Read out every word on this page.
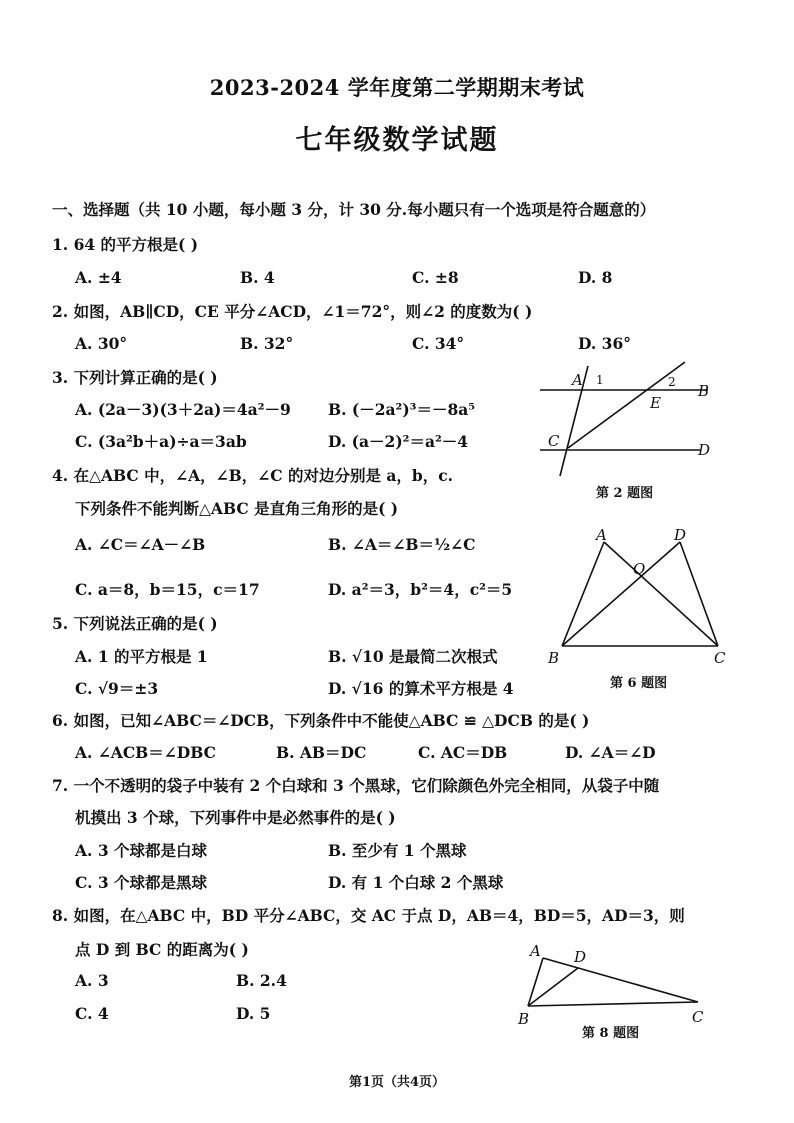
2023-2024 学年度第二学期期末考试
七年级数学试题
一、选择题（共 10 小题，每小题 3 分，计 30 分.每小题只有一个选项是符合题意的）
1. 64 的平方根是( )
A. ±4	B. 4	C. ±8	D. 8
2. 如图，AB∥CD，CE 平分∠ACD，∠1＝72°，则∠2 的度数为( )
A. 30°	B. 32°	C. 34°	D. 36°
3. 下列计算正确的是( )
A. (2a－3)(3＋2a)＝4a²－9 B. (－2a²)³＝－8a⁵
C. (3a²b＋a)÷a＝3ab	D. (a－2)²＝a²－4
A 1	2 B
E
C	D
第 2 题图
4. 在△ABC 中，∠A，∠B，∠C 的对边分别是 a，b，c.
下列条件不能判断△ABC 是直角三角形的是( )
A. ∠C＝∠A－∠B	B. ∠A＝∠B＝½∠C
C. a＝8，b＝15，c＝17	D. a²＝3，b²＝4，c²＝5
A	D
O
B	C
第 6 题图
5. 下列说法正确的是( )
A. 1 的平方根是 1	B. √10 是最简二次根式
C. √9＝±3	D. √16 的算术平方根是 4
6. 如图，已知∠ABC＝∠DCB，下列条件中不能使△ABC ≌ △DCB 的是( )
A. ∠ACB＝∠DBC	B. AB＝DC	C. AC＝DB	D. ∠A＝∠D
7. 一个不透明的袋子中装有 2 个白球和 3 个黑球，它们除颜色外完全相同，从袋子中随
机摸出 3 个球，下列事件中是必然事件的是( )
A. 3 个球都是白球	B. 至少有 1 个黑球
C. 3 个球都是黑球	D. 有 1 个白球 2 个黑球
8. 如图，在△ABC 中，BD 平分∠ABC，交 AC 于点 D，AB＝4，BD＝5，AD＝3，则
点 D 到 BC 的距离为( )
A. 3	B. 2.4
C. 4	D. 5
A D
B	C
第 8 题图
第1页（共4页）
